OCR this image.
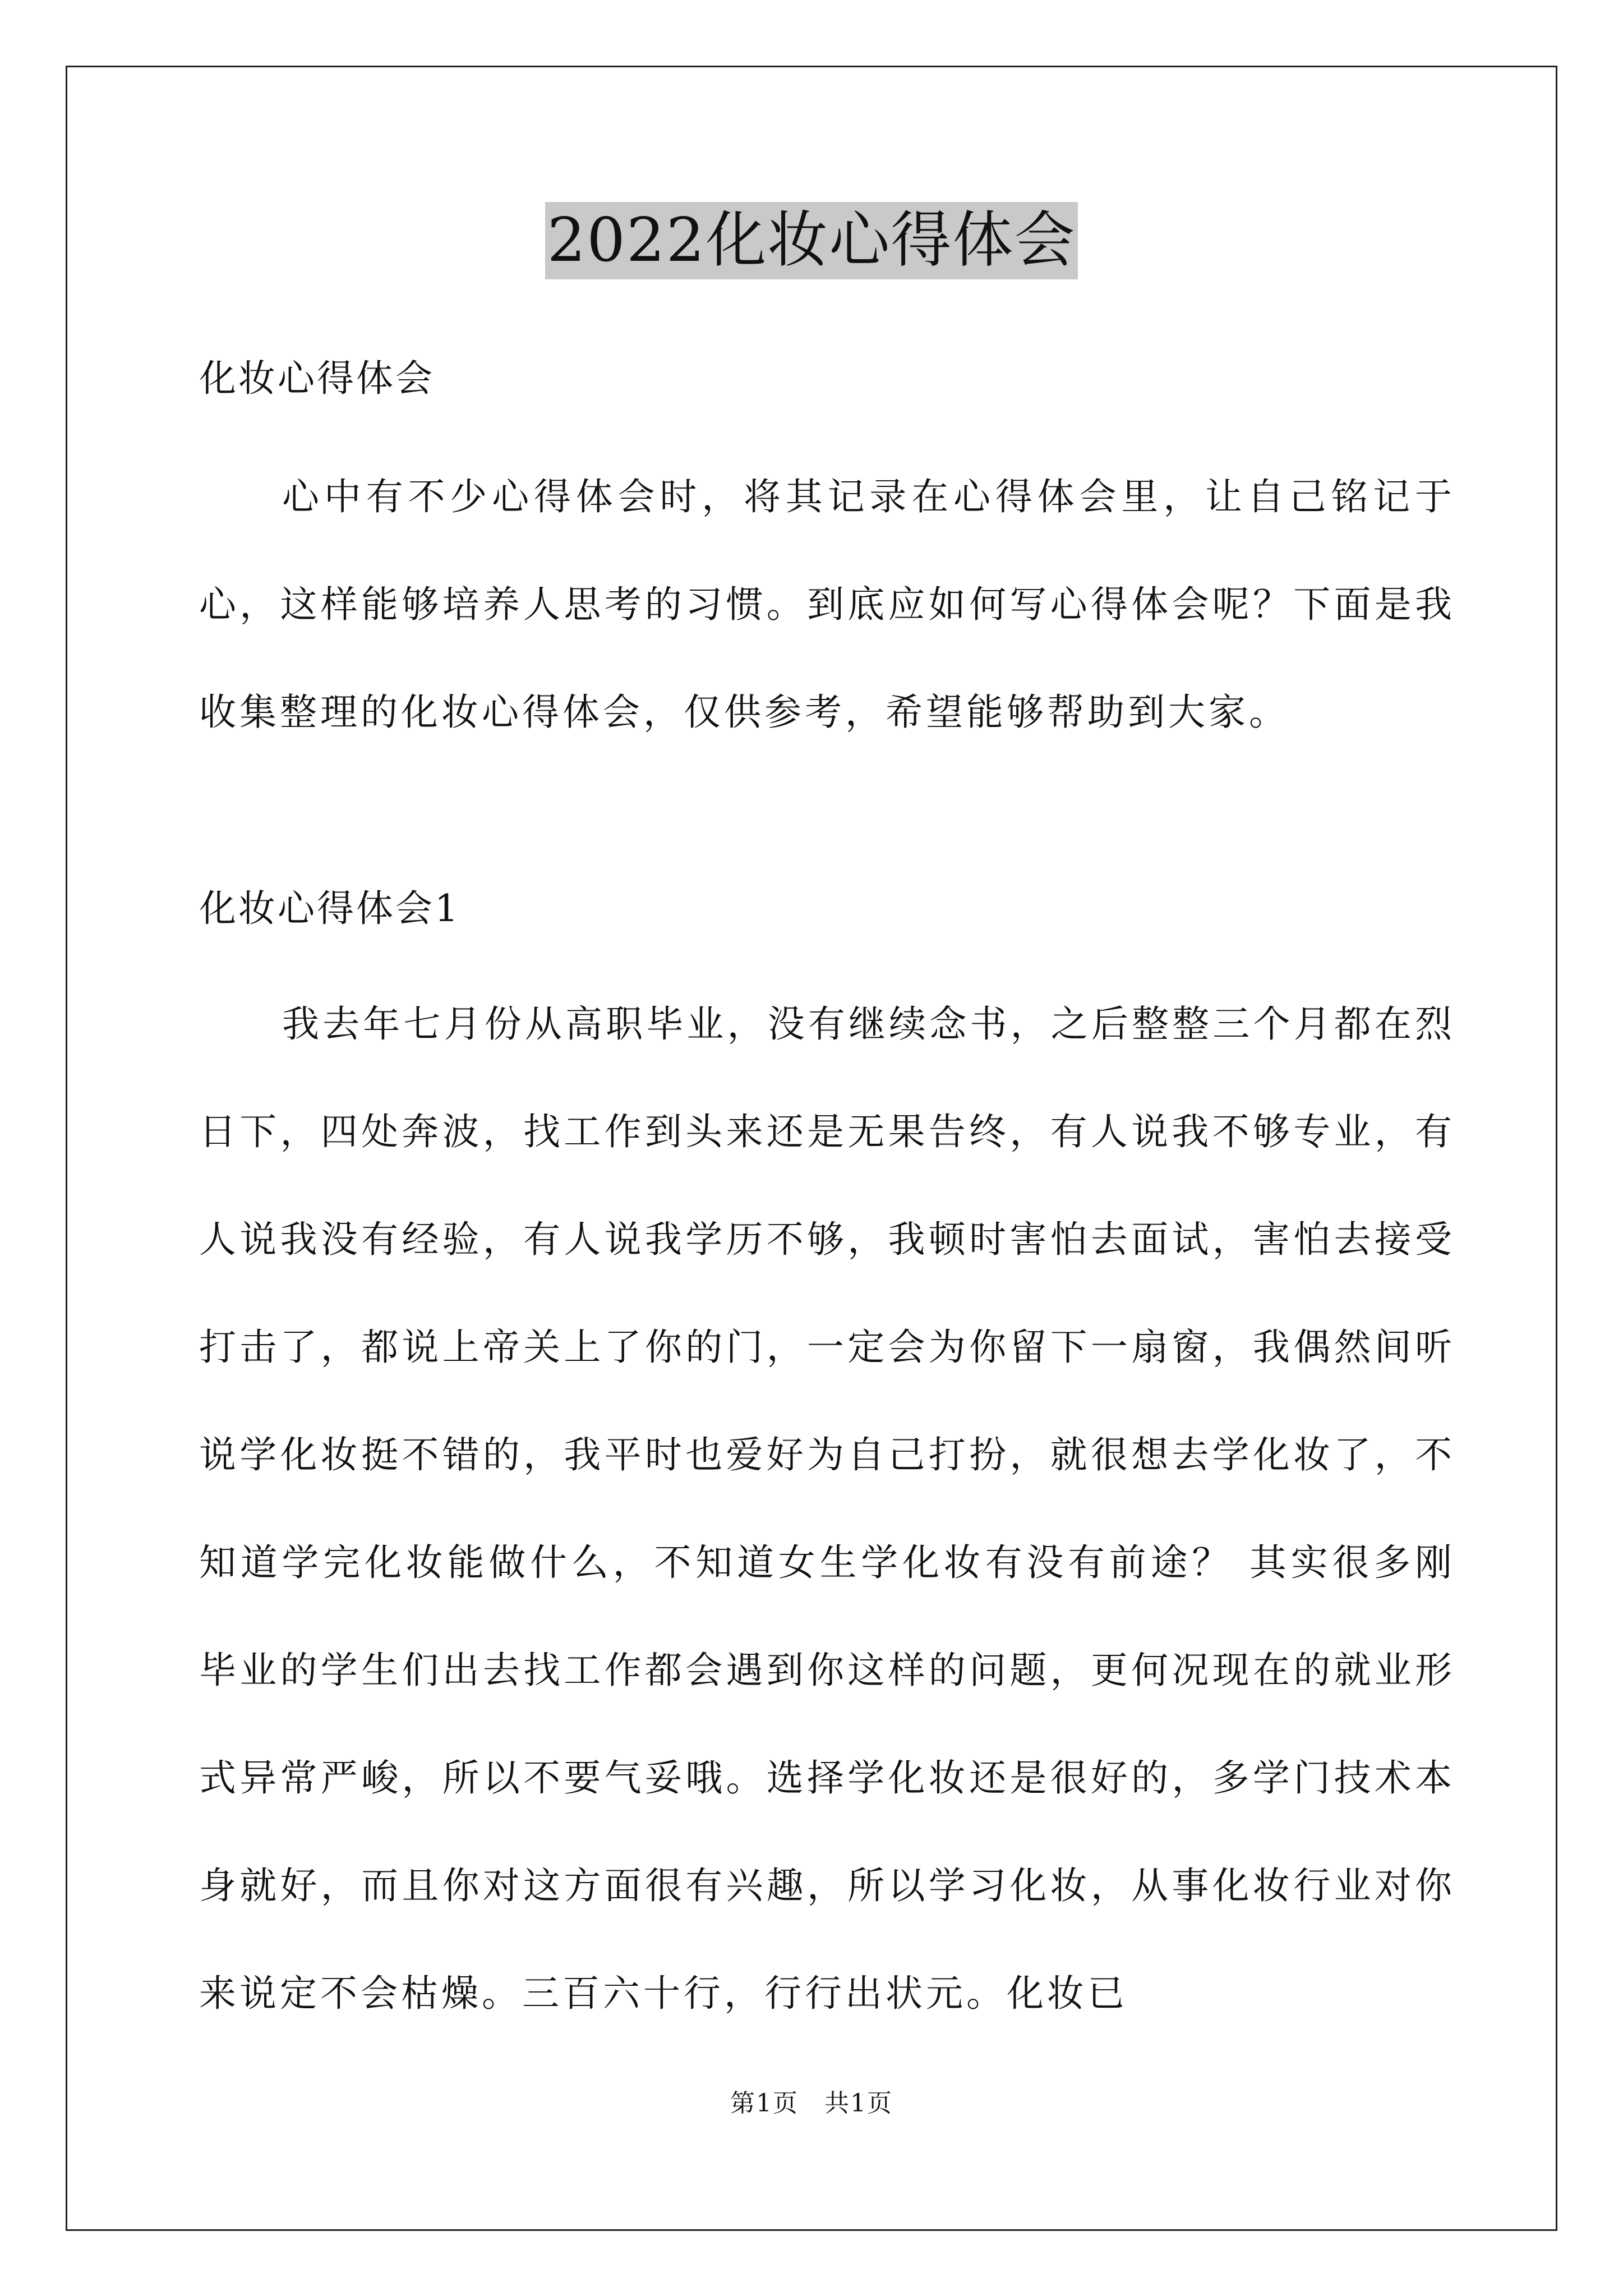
2022化妆心得体会
化妆心得体会
心中有不少心得体会时，将其记录在心得体会里，让自己铭记于心，这样能够培养人思考的习惯。到底应如何写心得体会呢？下面是我收集整理的化妆心得体会，仅供参考，希望能够帮助到大家。
化妆心得体会1
我去年七月份从高职毕业，没有继续念书，之后整整三个月都在烈日下，四处奔波，找工作到头来还是无果告终，有人说我不够专业，有人说我没有经验，有人说我学历不够，我顿时害怕去面试，害怕去接受打击了，都说上帝关上了你的门，一定会为你留下一扇窗，我偶然间听说学化妆挺不错的，我平时也爱好为自己打扮，就很想去学化妆了，不知道学完化妆能做什么，不知道女生学化妆有没有前途？ 其实很多刚毕业的学生们出去找工作都会遇到你这样的问题，更何况现在的就业形式异常严峻，所以不要气妥哦。选择学化妆还是很好的，多学门技术本身就好，而且你对这方面很有兴趣，所以学习化妆，从事化妆行业对你来说定不会枯燥。三百六十行，行行出状元。化妆已
第1页　共1页
